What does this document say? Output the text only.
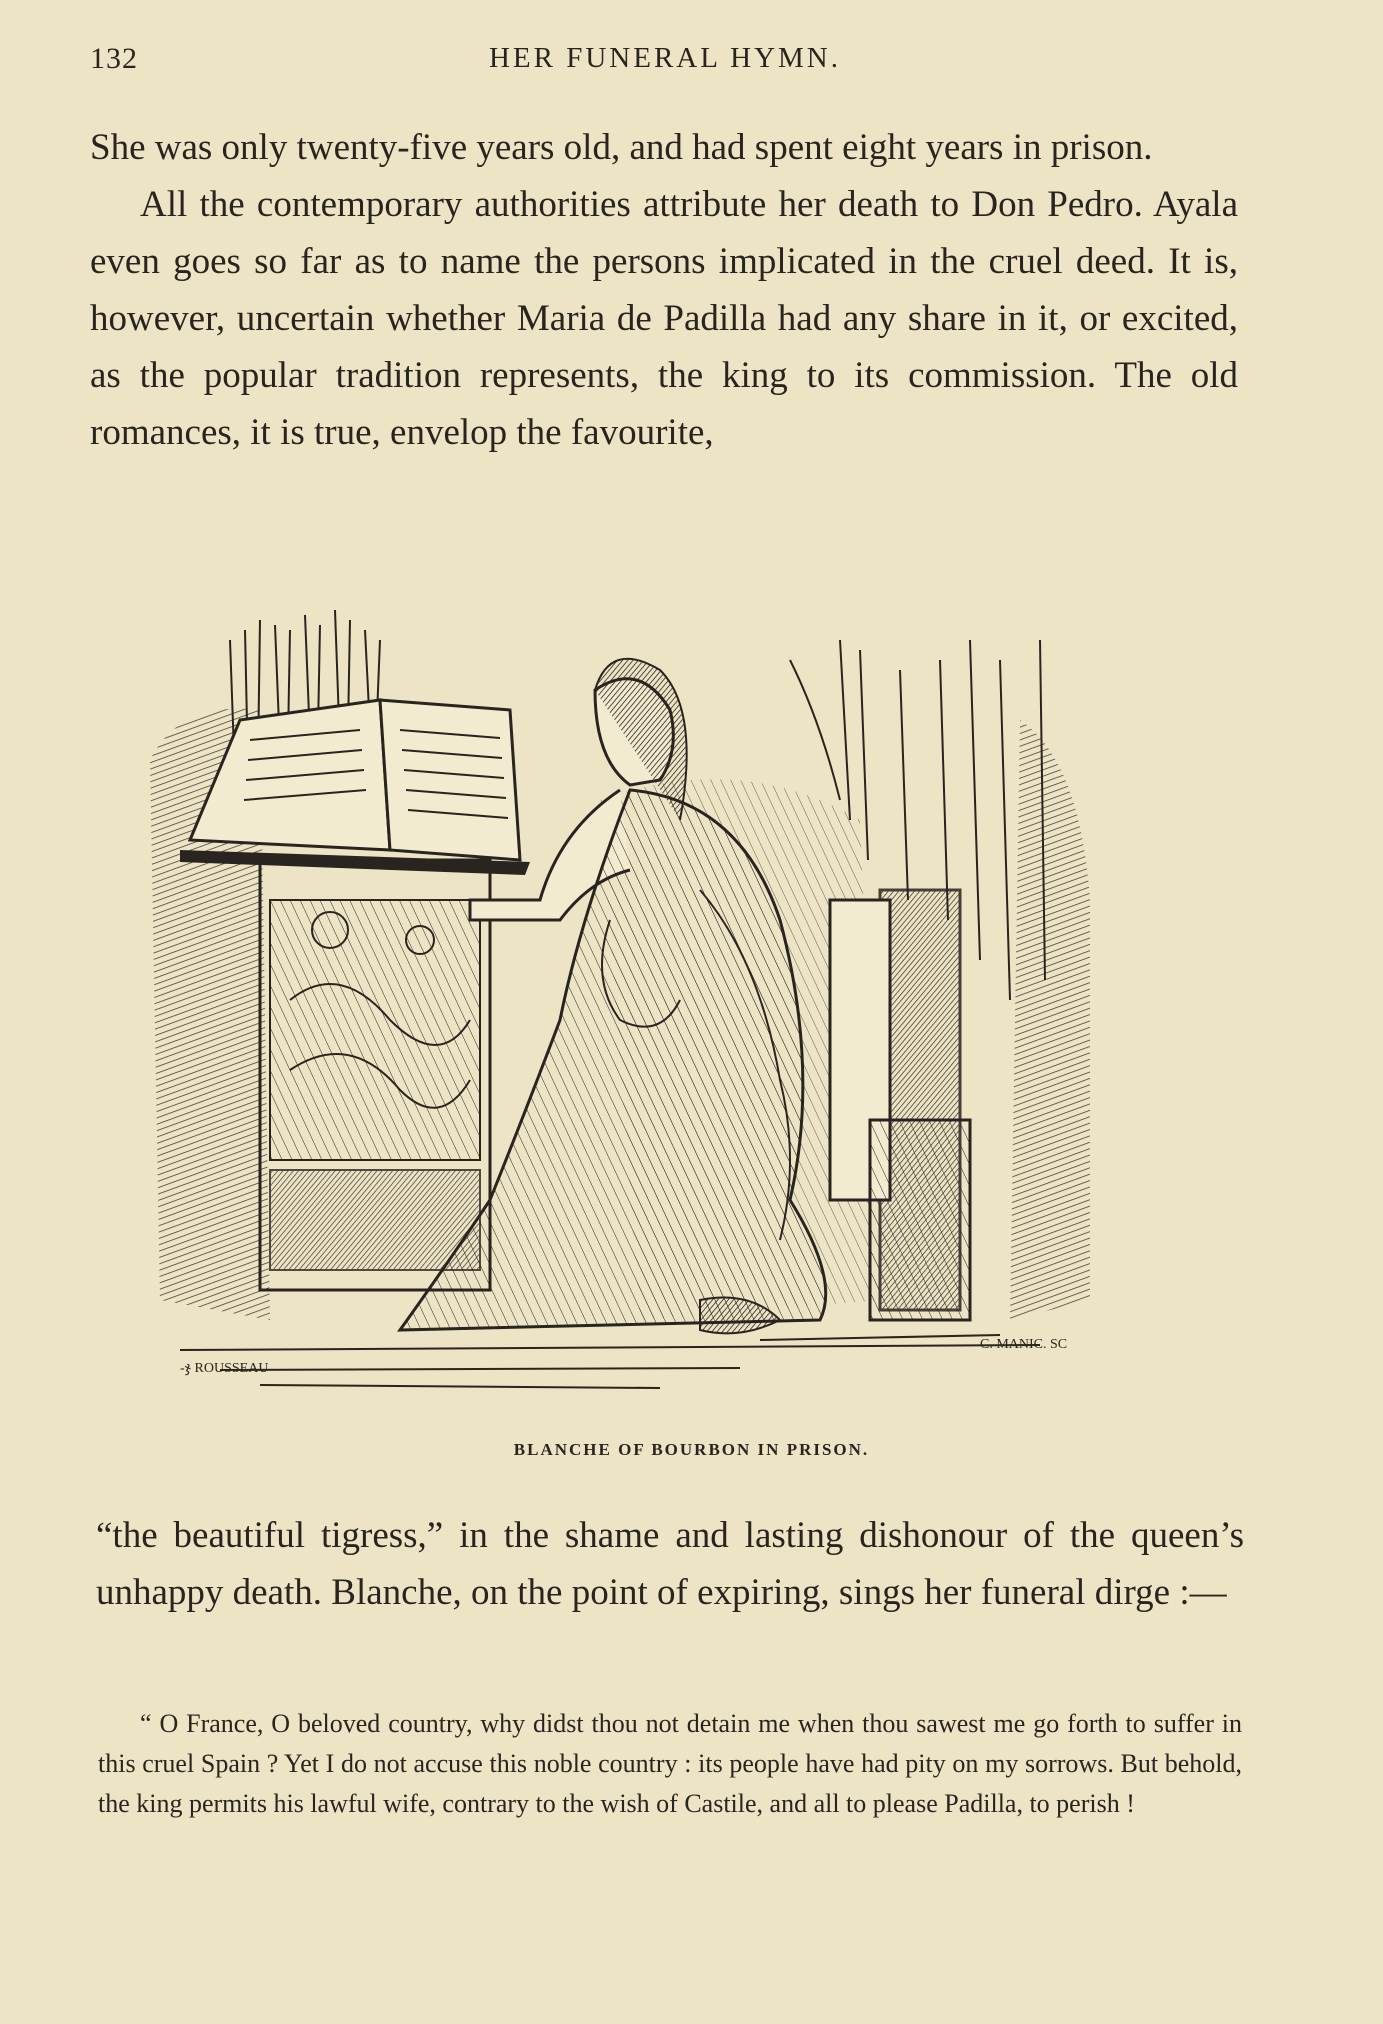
132	HER FUNERAL HYMN.

She was only twenty-five years old, and had spent eight years in prison.

All the contemporary authorities attribute her death to Don Pedro. Ayala even goes so far as to name the persons implicated in the cruel deed. It is, however, uncertain whether Maria de Padilla had any share in it, or excited, as the popular tradition represents, the king to its commission. The old romances, it is true, envelop the favourite,

-ჯ ROUSSEAU
C. MANIC. SC
BLANCHE OF BOURBON IN PRISON.

“the beautiful tigress,” in the shame and lasting dishonour of the queen’s unhappy death. Blanche, on the point of expiring, sings her funeral dirge :—

“ O France, O beloved country, why didst thou not detain me when thou sawest me go forth to suffer in this cruel Spain ? Yet I do not accuse this noble country : its people have had pity on my sorrows. But behold, the king permits his lawful wife, contrary to the wish of Castile, and all to please Padilla, to perish !
